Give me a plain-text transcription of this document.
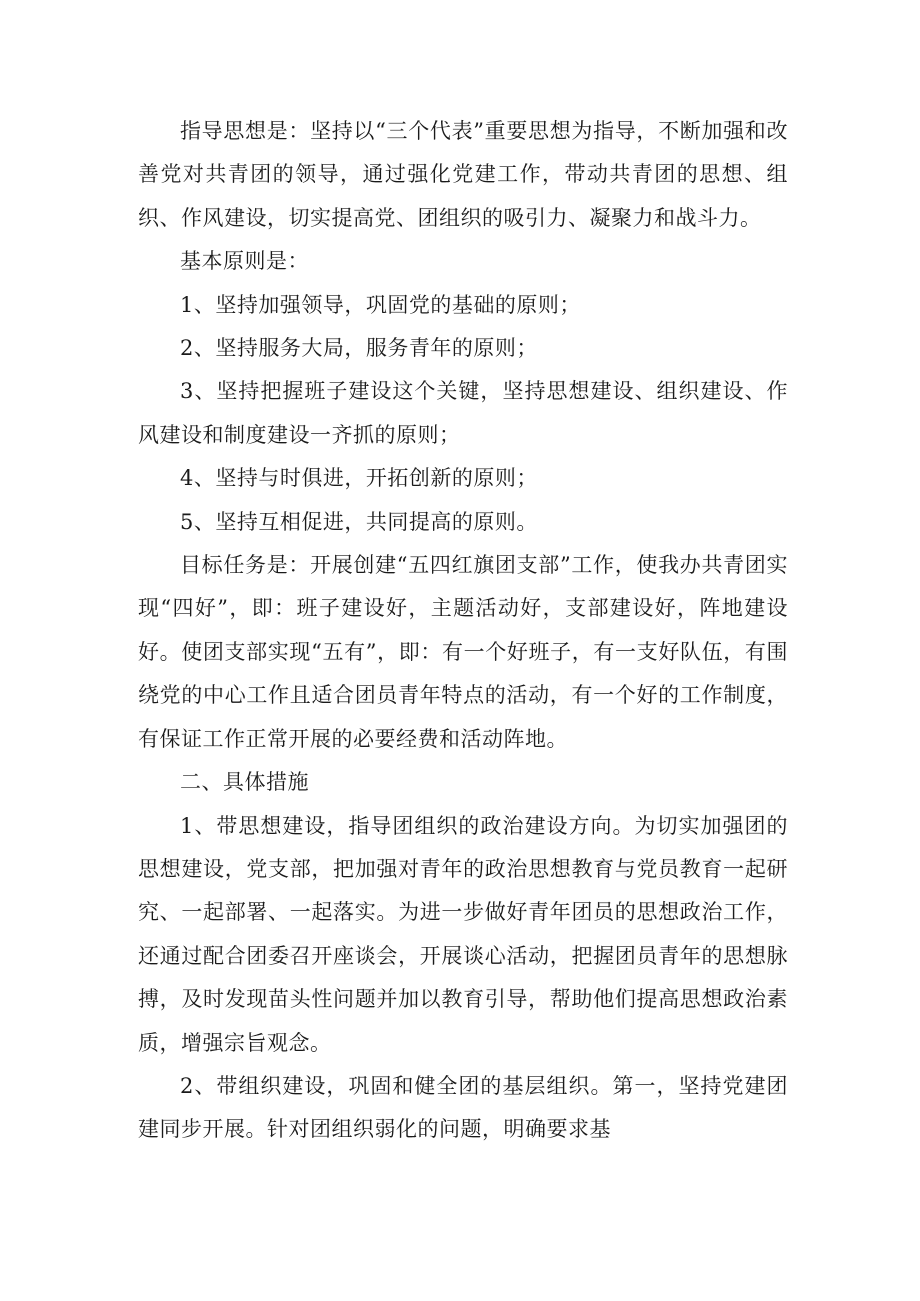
指导思想是：坚持以“三个代表”重要思想为指导，不断加强和改善党对共青团的领导，通过强化党建工作，带动共青团的思想、组织、作风建设，切实提高党、团组织的吸引力、凝聚力和战斗力。

基本原则是：

1、坚持加强领导，巩固党的基础的原则；

2、坚持服务大局，服务青年的原则；

3、坚持把握班子建设这个关键，坚持思想建设、组织建设、作风建设和制度建设一齐抓的原则；

4、坚持与时俱进，开拓创新的原则；

5、坚持互相促进，共同提高的原则。

目标任务是：开展创建“五四红旗团支部”工作，使我办共青团实现“四好”，即：班子建设好，主题活动好，支部建设好，阵地建设好。使团支部实现“五有”，即：有一个好班子，有一支好队伍，有围绕党的中心工作且适合团员青年特点的活动，有一个好的工作制度，有保证工作正常开展的必要经费和活动阵地。

二、具体措施

1、带思想建设，指导团组织的政治建设方向。为切实加强团的思想建设，党支部，把加强对青年的政治思想教育与党员教育一起研究、一起部署、一起落实。为进一步做好青年团员的思想政治工作，还通过配合团委召开座谈会，开展谈心活动，把握团员青年的思想脉搏，及时发现苗头性问题并加以教育引导，帮助他们提高思想政治素质，增强宗旨观念。

2、带组织建设，巩固和健全团的基层组织。第一，坚持党建团建同步开展。针对团组织弱化的问题，明确要求基
